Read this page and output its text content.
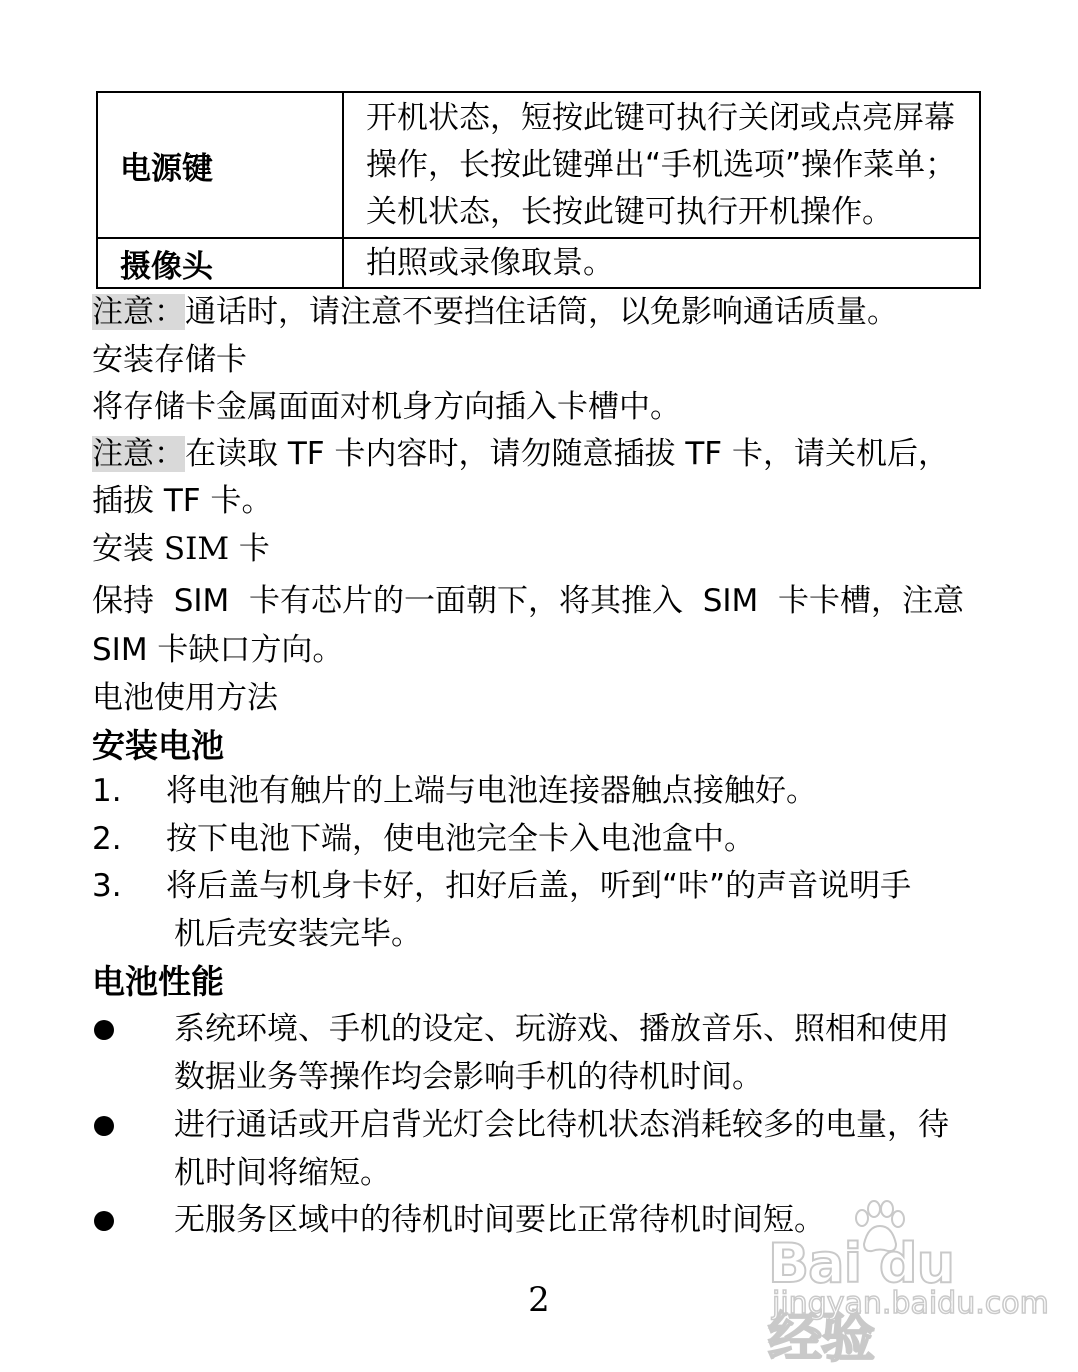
电源键	开机状态，短按此键可执行关闭或点亮屏幕
操作，长按此键弹出“手机选项”操作菜单；
关机状态，长按此键可执行开机操作。

摄像头	拍照或录像取景。
注意：通话时，请注意不要挡住话筒，以免影响通话质量。
安装存储卡
将存储卡金属面面对机身方向插入卡槽中。
注意：在读取 TF 卡内容时，请勿随意插拔 TF 卡，请关机后，
插拔 TF 卡。
安装 SIM 卡
保持  SIM  卡有芯片的一面朝下，将其推入  SIM  卡卡槽，注意
SIM 卡缺口方向。
电池使用方法
安装电池
1.	将电池有触片的上端与电池连接器触点接触好。
2.	按下电池下端，使电池完全卡入电池盒中。
3.	将后盖与机身卡好，扣好后盖，听到“咔”的声音说明手
机后壳安装完毕。
电池性能
系统环境、手机的设定、玩游戏、播放音乐、照相和使用
数据业务等操作均会影响手机的待机时间。
进行通话或开启背光灯会比待机状态消耗较多的电量，待
机时间将缩短。
无服务区域中的待机时间要比正常待机时间短。
2
Bai du 经验
jingyan.baidu.com
